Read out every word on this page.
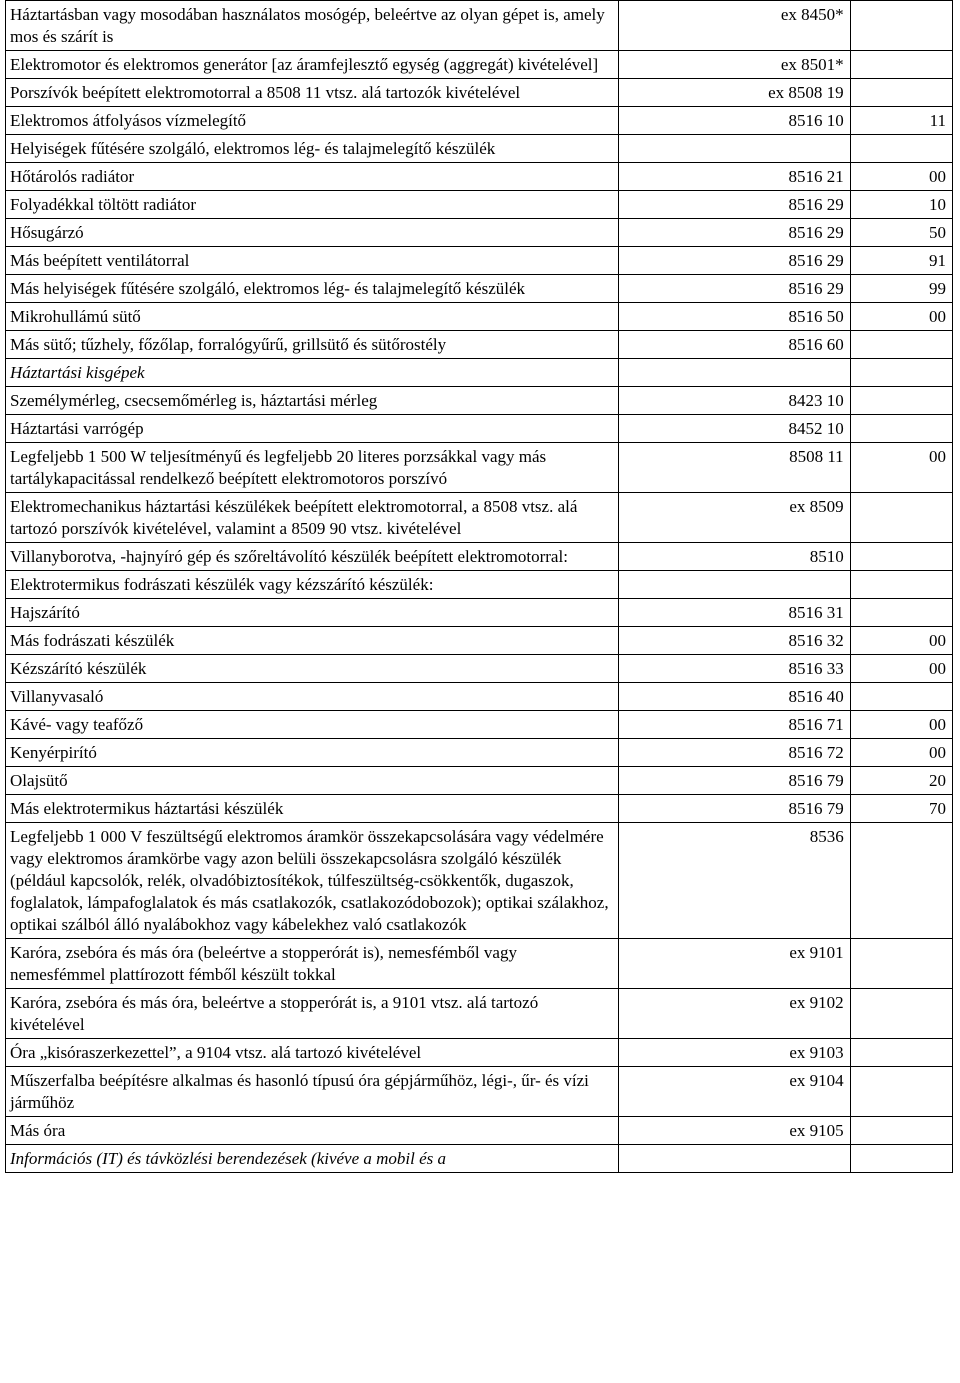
Háztartásban vagy mosodában használatos mosógép, beleértve az olyan gépet is, amely mos és szárít is	ex 8450*	
Elektromotor és elektromos generátor [az áramfejlesztő egység (aggregát) kivételével]	ex 8501*	
Porszívók beépített elektromotorral a 8508 11 vtsz. alá tartozók kivételével	ex 8508 19	
Elektromos átfolyásos vízmelegítő	8516 10	11
Helyiségek fűtésére szolgáló, elektromos lég- és talajmelegítő készülék		
Hőtárolós radiátor	8516 21	00
Folyadékkal töltött radiátor	8516 29	10
Hősugárzó	8516 29	50
Más beépített ventilátorral	8516 29	91
Más helyiségek fűtésére szolgáló, elektromos lég- és talajmelegítő készülék	8516 29	99
Mikrohullámú sütő	8516 50	00
Más sütő; tűzhely, főzőlap, forralógyűrű, grillsütő és sütőrostély	8516 60	
Háztartási kisgépek		
Személymérleg, csecsemőmérleg is, háztartási mérleg	8423 10	
Háztartási varrógép	8452 10	
Legfeljebb 1 500 W teljesítményű és legfeljebb 20 literes porzsákkal vagy más tartálykapacitással rendelkező beépített elektromotoros porszívó	8508 11	00
Elektromechanikus háztartási készülékek beépített elektromotorral, a 8508 vtsz. alá tartozó porszívók kivételével, valamint a 8509 90 vtsz. kivételével	ex 8509	
Villanyborotva, -hajnyíró gép és szőreltávolító készülék beépített elektromotorral:	8510	
Elektrotermikus fodrászati készülék vagy kézszárító készülék:		
Hajszárító	8516 31	
Más fodrászati készülék	8516 32	00
Kézszárító készülék	8516 33	00
Villanyvasaló	8516 40	
Kávé- vagy teafőző	8516 71	00
Kenyérpirító	8516 72	00
Olajsütő	8516 79	20
Más elektrotermikus háztartási készülék	8516 79	70
Legfeljebb 1 000 V feszültségű elektromos áramkör összekapcsolására vagy védelmére vagy elektromos áramkörbe vagy azon belüli összekapcsolásra szolgáló készülék (például kapcsolók, relék, olvadóbiztosítékok, túlfeszültség-csökkentők, dugaszok, foglalatok, lámpafoglalatok és más csatlakozók, csatlakozódobozok); optikai szálakhoz, optikai szálból álló nyalábokhoz vagy kábelekhez való csatlakozók	8536	
Karóra, zsebóra és más óra (beleértve a stopperórát is), nemesfémből vagy nemesfémmel plattírozott fémből készült tokkal	ex 9101	
Karóra, zsebóra és más óra, beleértve a stopperórát is, a 9101 vtsz. alá tartozó kivételével	ex 9102	
Óra „kisóraszerkezettel”, a 9104 vtsz. alá tartozó kivételével	ex 9103	
Műszerfalba beépítésre alkalmas és hasonló típusú óra gépjárműhöz, légi-, űr- és vízi járműhöz	ex 9104	
Más óra	ex 9105	
Információs (IT) és távközlési berendezések (kivéve a mobil és a		
